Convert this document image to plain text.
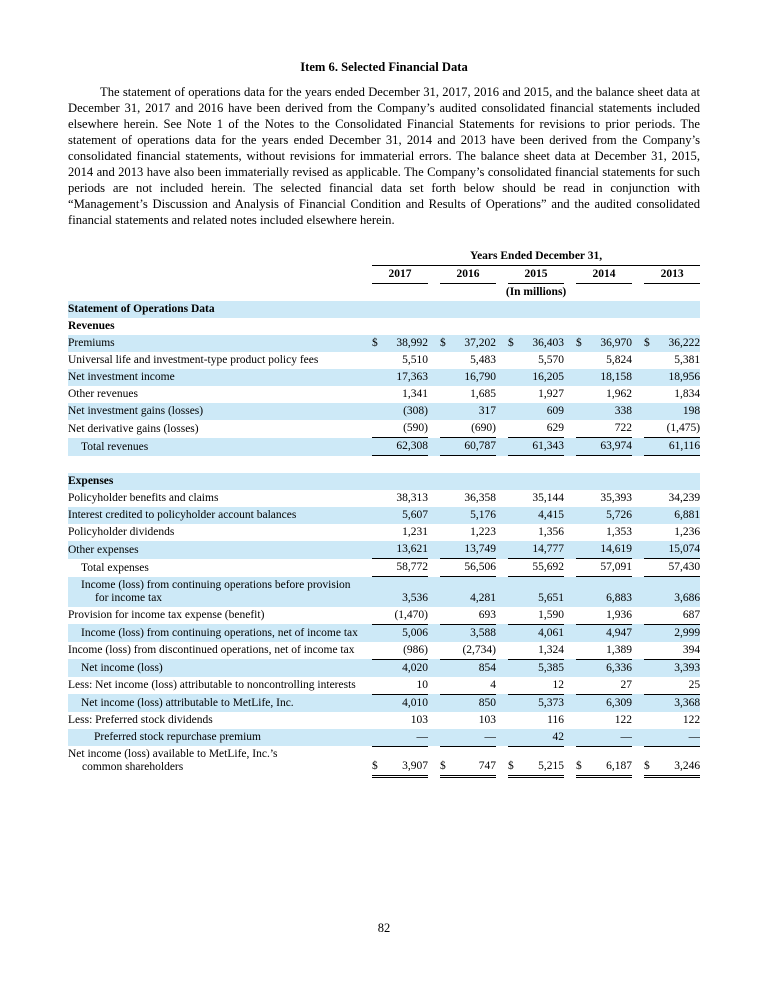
Item 6. Selected Financial Data

The statement of operations data for the years ended December 31, 2017, 2016 and 2015, and the balance sheet data at December 31, 2017 and 2016 have been derived from the Company’s audited consolidated financial statements included elsewhere herein. See Note 1 of the Notes to the Consolidated Financial Statements for revisions to prior periods. The statement of operations data for the years ended December 31, 2014 and 2013 have been derived from the Company’s consolidated financial statements, without revisions for immaterial errors. The balance sheet data at December 31, 2015, 2014 and 2013 have also been immaterially revised as applicable. The Company’s consolidated financial statements for such periods are not included herein. The selected financial data set forth below should be read in conjunction with “Management’s Discussion and Analysis of Financial Condition and Results of Operations” and the audited consolidated financial statements and related notes included elsewhere herein.

		Years Ended December 31,													
		2017			2016			2015			2014			2013	
		(In millions)													
Statement of Operations Data															
Revenues															

Premiums		$	38,992		$	37,202		$	36,403		$	36,970		$	36,222

Universal life and investment-type product policy fees			5,510			5,483			5,570			5,824			5,381

Net investment income			17,363			16,790			16,205			18,158			18,956

Other revenues			1,341			1,685			1,927			1,962			1,834

Net investment gains (losses)			(308)			317			609			338			198

Net derivative gains (losses)			(590)			(690)			629			722			(1,475)

Total revenues			62,308			60,787			61,343			63,974			61,116

Expenses															

Policyholder benefits and claims			38,313			36,358			35,144			35,393			34,239

Interest credited to policyholder account balances			5,607			5,176			4,415			5,726			6,881

Policyholder dividends			1,231			1,223			1,356			1,353			1,236

Other expenses			13,621			13,749			14,777			14,619			15,074

Total expenses			58,772			56,506			55,692			57,091			57,430

Income (loss) from continuing operations before provision
for income tax			3,536			4,281			5,651			6,883			3,686

Provision for income tax expense (benefit)			(1,470)			693			1,590			1,936			687

Income (loss) from continuing operations, net of income tax			5,006			3,588			4,061			4,947			2,999

Income (loss) from discontinued operations, net of income tax			(986)			(2,734)			1,324			1,389			394

Net income (loss)			4,020			854			5,385			6,336			3,393

Less: Net income (loss) attributable to noncontrolling interests			10			4			12			27			25

Net income (loss) attributable to MetLife, Inc.			4,010			850			5,373			6,309			3,368

Less: Preferred stock dividends			103			103			116			122			122

Preferred stock repurchase premium			—			—			42			—			—

Net income (loss) available to MetLife, Inc.’s
common shareholders		$	3,907		$	747		$	5,215		$	6,187		$	3,246
82
